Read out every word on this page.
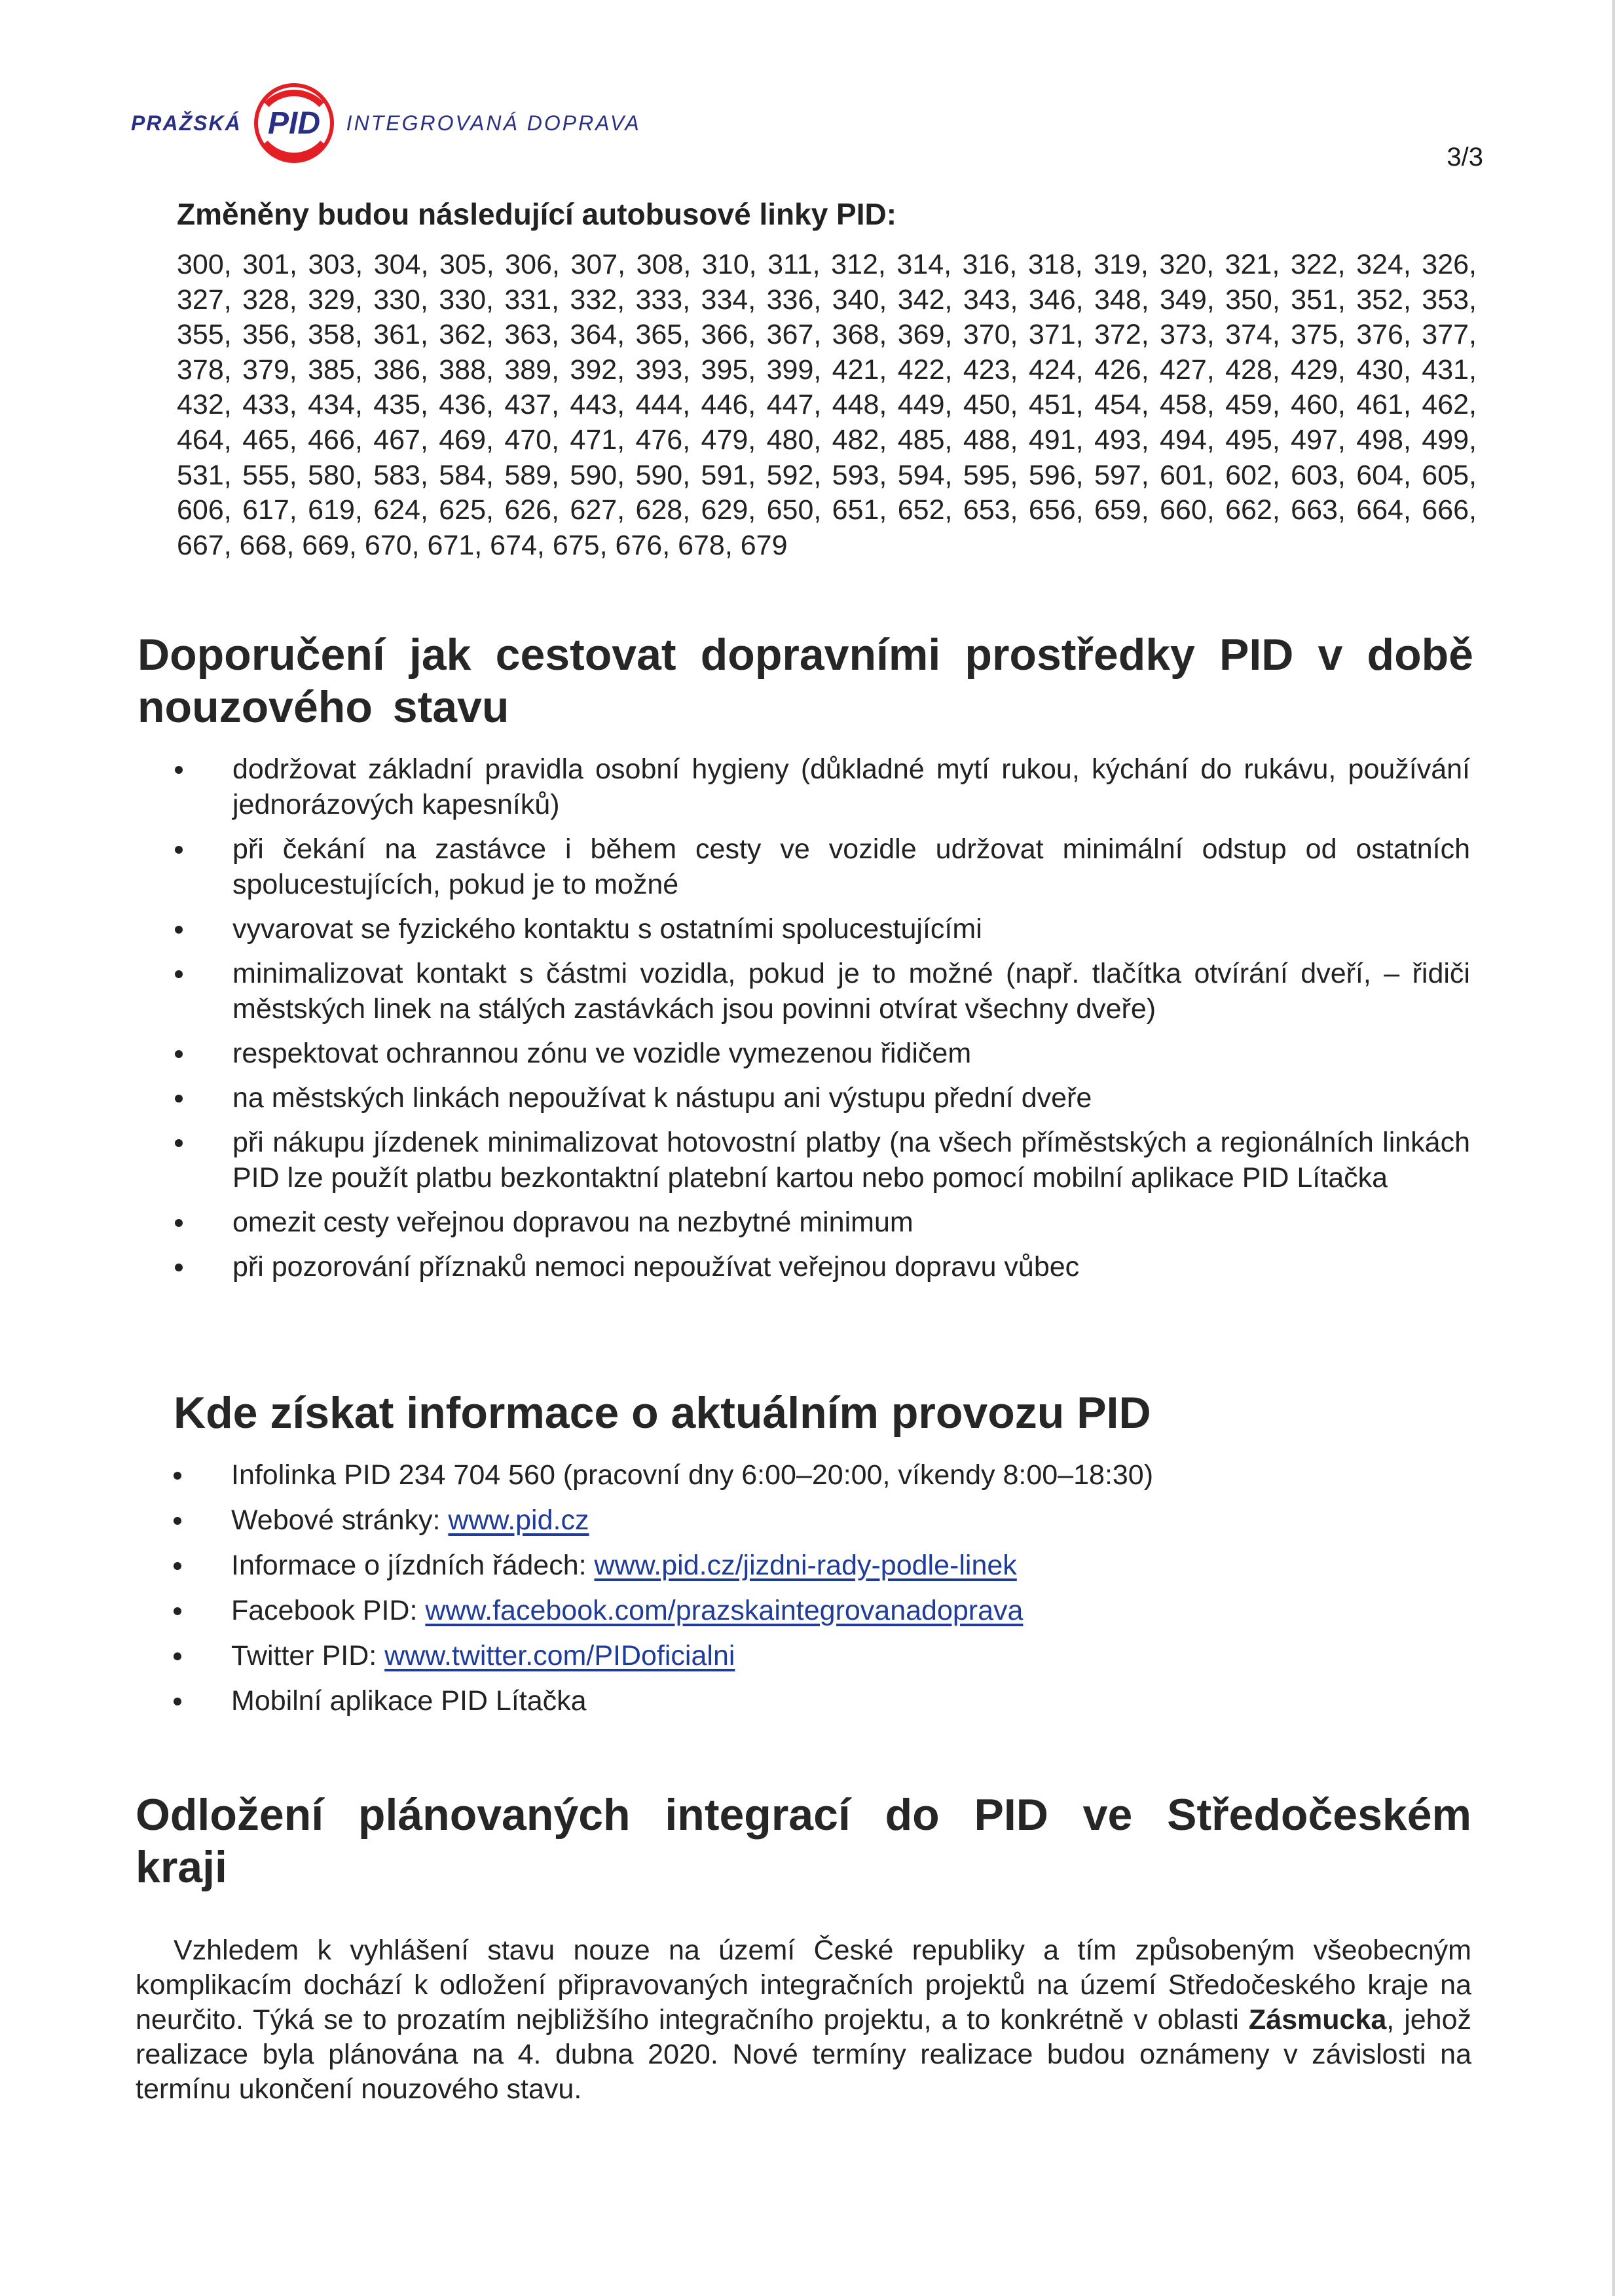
PRAŽSKÁ PID INTEGROVANÁ DOPRAVA
3/3
Změněny budou následující autobusové linky PID:
300, 301, 303, 304, 305, 306, 307, 308, 310, 311, 312, 314, 316, 318, 319, 320, 321, 322, 324, 326, 327, 328, 329, 330, 330, 331, 332, 333, 334, 336, 340, 342, 343, 346, 348, 349, 350, 351, 352, 353, 355, 356, 358, 361, 362, 363, 364, 365, 366, 367, 368, 369, 370, 371, 372, 373, 374, 375, 376, 377, 378, 379, 385, 386, 388, 389, 392, 393, 395, 399, 421, 422, 423, 424, 426, 427, 428, 429, 430, 431, 432, 433, 434, 435, 436, 437, 443, 444, 446, 447, 448, 449, 450, 451, 454, 458, 459, 460, 461, 462, 464, 465, 466, 467, 469, 470, 471, 476, 479, 480, 482, 485, 488, 491, 493, 494, 495, 497, 498, 499, 531, 555, 580, 583, 584, 589, 590, 590, 591, 592, 593, 594, 595, 596, 597, 601, 602, 603, 604, 605, 606, 617, 619, 624, 625, 626, 627, 628, 629, 650, 651, 652, 653, 656, 659, 660, 662, 663, 664, 666, 667, 668, 669, 670, 671, 674, 675, 676, 678, 679
Doporučení jak cestovat dopravními prostředky PID v době nouzového stavu
dodržovat základní pravidla osobní hygieny (důkladné mytí rukou, kýchání do rukávu, používání jednorázových kapesníků)
při čekání na zastávce i během cesty ve vozidle udržovat minimální odstup od ostatních spolucestujících, pokud je to možné
vyvarovat se fyzického kontaktu s ostatními spolucestujícími
minimalizovat kontakt s částmi vozidla, pokud je to možné (např. tlačítka otvírání dveří, – řidiči městských linek na stálých zastávkách jsou povinni otvírat všechny dveře)
respektovat ochrannou zónu ve vozidle vymezenou řidičem
na městských linkách nepoužívat k nástupu ani výstupu přední dveře
při nákupu jízdenek minimalizovat hotovostní platby (na všech příměstských a regionálních linkách PID lze použít platbu bezkontaktní platební kartou nebo pomocí mobilní aplikace PID Lítačka
omezit cesty veřejnou dopravou na nezbytné minimum
při pozorování příznaků nemoci nepoužívat veřejnou dopravu vůbec
Kde získat informace o aktuálním provozu PID
Infolinka PID 234 704 560 (pracovní dny 6:00–20:00, víkendy 8:00–18:30)
Webové stránky: www.pid.cz
Informace o jízdních řádech: www.pid.cz/jizdni-rady-podle-linek
Facebook PID: www.facebook.com/prazskaintegrovanadoprava
Twitter PID: www.twitter.com/PIDoficialni
Mobilní aplikace PID Lítačka
Odložení plánovaných integrací do PID ve Středočeském kraji

Vzhledem k vyhlášení stavu nouze na území České republiky a tím způsobeným všeobecným komplikacím dochází k odložení připravovaných integračních projektů na území Středočeského kraje na neurčito. Týká se to prozatím nejbližšího integračního projektu, a to konkrétně v oblasti Zásmucka, jehož realizace byla plánována na 4. dubna 2020. Nové termíny realizace budou oznámeny v závislosti na termínu ukončení nouzového stavu.
